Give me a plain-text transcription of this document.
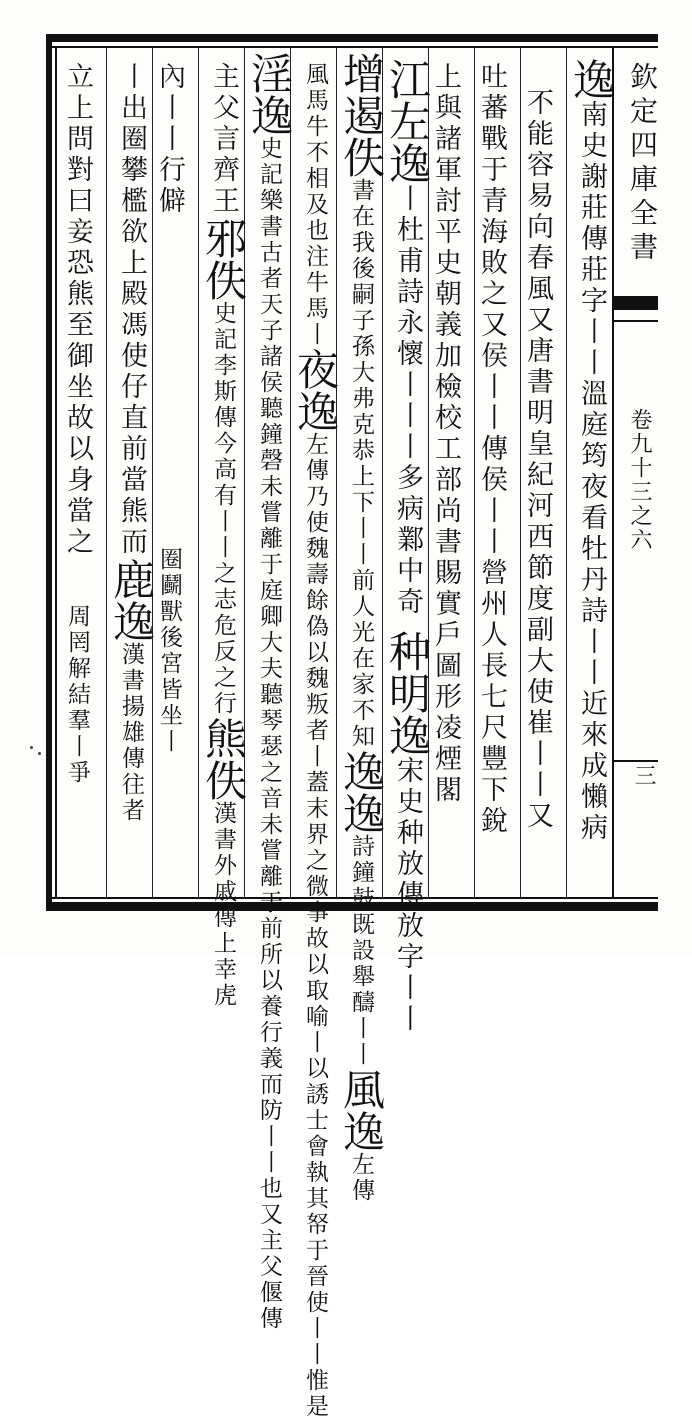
欽定四庫全書
卷九十三之六
三
逸南史謝莊傳莊字丨丨溫庭筠夜看牡丹詩丨丨近來成懶病
不能容易向春風又唐書明皇紀河西節度副大使崔丨丨又
吐蕃戰于青海敗之又侯丨丨傳侯丨丨營州人長七尺豐下銳
上與諸軍討平史朝義加檢校工部尚書賜實戶圖形凌煙閣
江左逸丨杜甫詩永懷丨丨丨多病鄴中奇种明逸宋史种放傳放字丨丨
增遏佚書在我後嗣子孫大弗克恭上下丨丨前人光在家不知逸逸詩鐘鼓既設舉醻丨丨風逸左傳
風馬牛不相及也注牛馬丨夜逸左傳乃使魏壽餘偽以魏叛者丨蓋末界之微事故以取喻丨以誘士會執其帑于晉使丨丨惟是
淫逸史記樂書古者天子諸侯聽鐘磬未嘗離于庭卿大夫聽琴瑟之音未嘗離于前所以養行義而防丨丨也又主父偃傳
主父言齊王邪佚史記李斯傳今高有丨丨之志危反之行熊佚漢書外戚傳上幸虎
內丨丨行僻圈鬬獸後宮皆坐丨
丨出圈攀檻欲上殿馮使仔直前當熊而鹿逸漢書揚雄傳往者
立上問對曰妾恐熊至御坐故以身當之周罔解結羣丨爭
